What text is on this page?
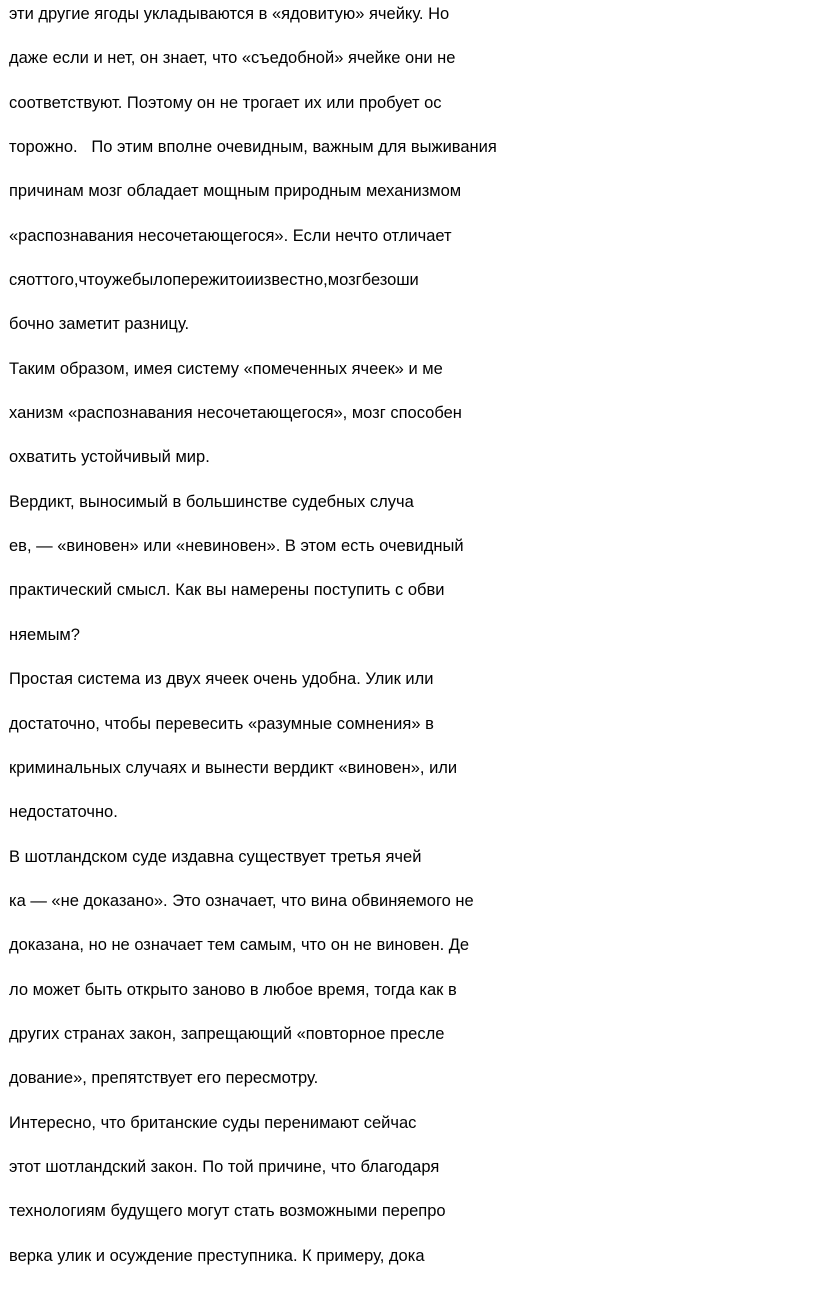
эти другие ягоды укладываются в «ядовитую» ячейку. Но
даже если и нет, он знает, что «съедобной» ячейке они не
соответствуют. Поэтому он не трогает их или пробует ос
торожно.   По этим вполне очевидным, важным для выживания
причинам мозг обладает мощным природным механизмом
«распознавания несочетающегося». Если нечто отличает
сяоттого,чтоужебылопережитоиизвестно,мозгбезоши
бочно заметит разницу.
Таким образом, имея систему «помеченных ячеек» и ме
ханизм «распознавания несочетающегося», мозг способен
охватить устойчивый мир.
Вердикт, выносимый в большинстве судебных случа
ев, — «виновен» или «невиновен». В этом есть очевидный
практический смысл. Как вы намерены поступить с обви
няемым?
Простая система из двух ячеек очень удобна. Улик или
достаточно, чтобы перевесить «разумные сомнения» в
криминальных случаях и вынести вердикт «виновен», или
недостаточно.
В шотландском суде издавна существует третья ячей
ка — «не доказано». Это означает, что вина обвиняемого не
доказана, но не означает тем самым, что он не виновен. Де
ло может быть открыто заново в любое время, тогда как в
других странах закон, запрещающий «повторное пресле
дование», препятствует его пересмотру.
Интересно, что британские суды перенимают сейчас
этот шотландский закон. По той причине, что благодаря
технологиям будущего могут стать возможными перепро
верка улик и осуждение преступника. К примеру, дока
